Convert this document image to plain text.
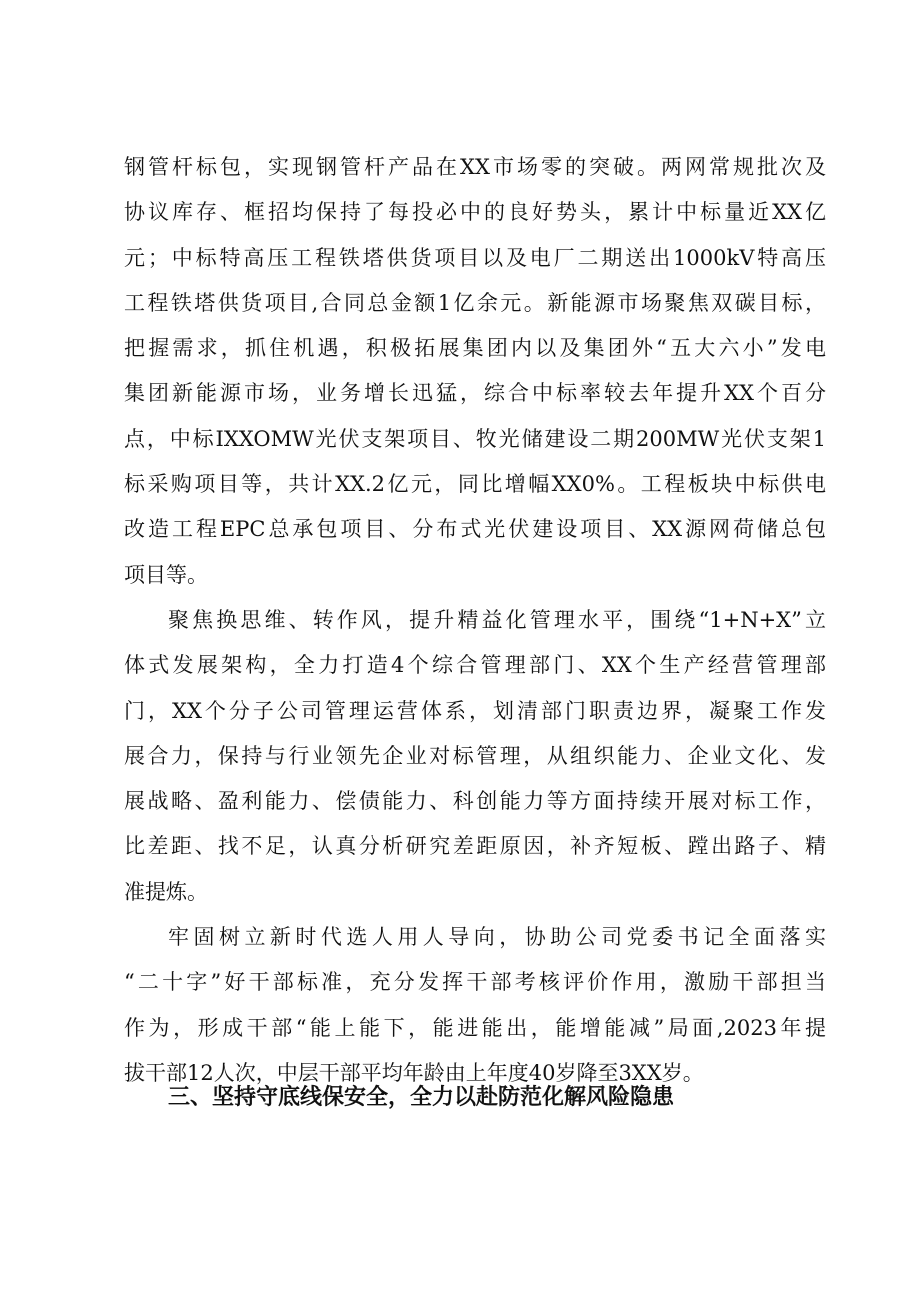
钢管杆标包，实现钢管杆产品在XX市场零的突破。两网常规批次及
协议库存、框招均保持了每投必中的良好势头，累计中标量近XX亿
元；中标特高压工程铁塔供货项目以及电厂二期送出1000kV特高压
工程铁塔供货项目,合同总金额1亿余元。新能源市场聚焦双碳目标，
把握需求，抓住机遇，积极拓展集团内以及集团外“五大六小”发电
集团新能源市场，业务增长迅猛，综合中标率较去年提升XX个百分
点，中标IXXOMW光伏支架项目、牧光储建设二期200MW光伏支架1
标采购项目等，共计XX.2亿元，同比增幅XX0%。工程板块中标供电
改造工程EPC总承包项目、分布式光伏建设项目、XX源网荷储总包
项目等。
聚焦换思维、转作风，提升精益化管理水平，围绕“1+N+X”立
体式发展架构，全力打造4个综合管理部门、XX个生产经营管理部
门，XX个分子公司管理运营体系，划清部门职责边界，凝聚工作发
展合力，保持与行业领先企业对标管理，从组织能力、企业文化、发
展战略、盈利能力、偿债能力、科创能力等方面持续开展对标工作，
比差距、找不足，认真分析研究差距原因，补齐短板、蹚出路子、精
准提炼。
牢固树立新时代选人用人导向，协助公司党委书记全面落实
“二十字”好干部标准，充分发挥干部考核评价作用，激励干部担当
作为，形成干部“能上能下，能进能出，能增能减”局面,2023年提
拔干部12人次，中层干部平均年龄由上年度40岁降至3XX岁。
三、坚持守底线保安全，全力以赴防范化解风险隐患
